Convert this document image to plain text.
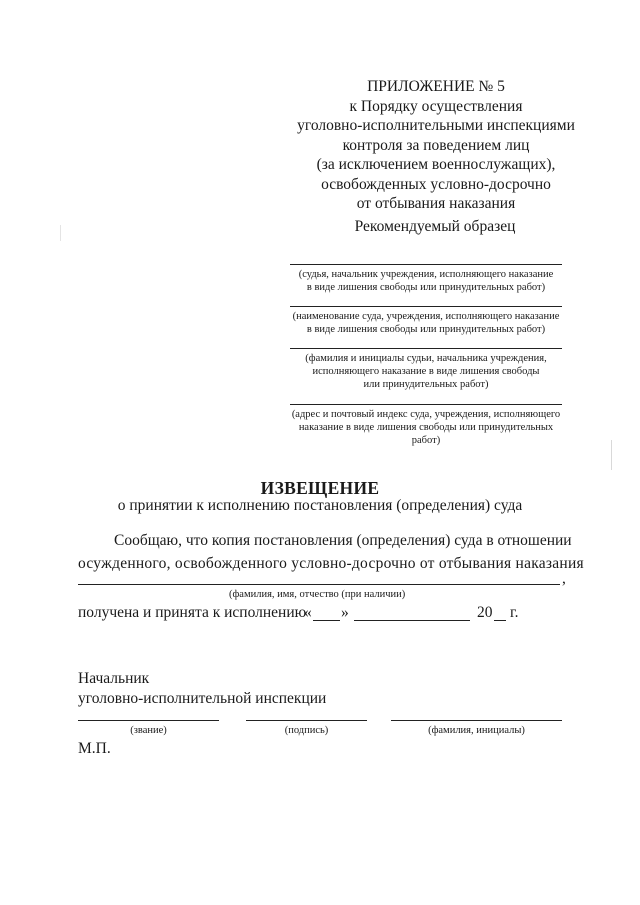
ПРИЛОЖЕНИЕ № 5
к Порядку осуществления
уголовно-исполнительными инспекциями
контроля за поведением лиц
(за исключением военнослужащих),
освобожденных условно-досрочно
от отбывания наказания
Рекомендуемый образец
(судья, начальник учреждения, исполняющего наказание
в виде лишения свободы или принудительных работ)
(наименование суда, учреждения, исполняющего наказание
в виде лишения свободы или принудительных работ)
(фамилия и инициалы судьи, начальника учреждения,
исполняющего наказание в виде лишения свободы
или принудительных работ)
(адрес и почтовый индекс суда, учреждения, исполняющего
наказание в виде лишения свободы или принудительных
работ)
ИЗВЕЩЕНИЕ
о принятии к исполнению постановления (определения) суда
Сообщаю, что копия постановления (определения) суда в отношении
осужденного, освобожденного условно-досрочно от отбывания наказания
,
(фамилия, имя, отчество (при наличии)
получена и принята к исполнению
« »	20 г.
Начальник
уголовно-исполнительной инспекции
(звание)	(подпись)	(фамилия, инициалы)
М.П.
